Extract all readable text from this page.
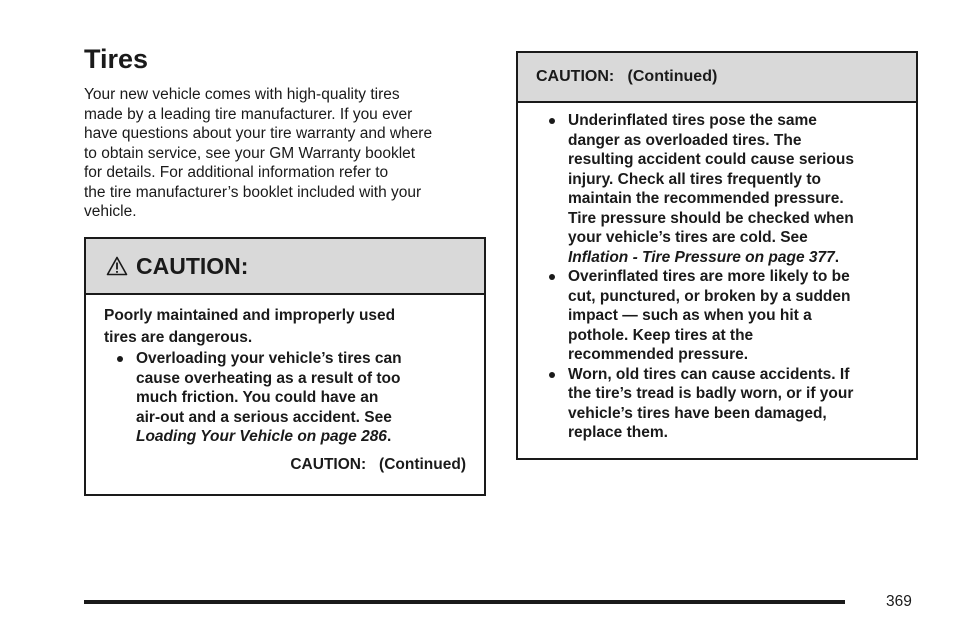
Tires
Your new vehicle comes with high-quality tires
made by a leading tire manufacturer. If you ever
have questions about your tire warranty and where
to obtain service, see your GM Warranty booklet
for details. For additional information refer to
the tire manufacturer’s booklet included with your
vehicle.
CAUTION:
Poorly maintained and improperly used
tires are dangerous.
Overloading your vehicle’s tires can
cause overheating as a result of too
much friction. You could have an
air-out and a serious accident. See
Loading Your Vehicle on page 286.
CAUTION:   (Continued)
CAUTION:   (Continued)
Underinflated tires pose the same
danger as overloaded tires. The
resulting accident could cause serious
injury. Check all tires frequently to
maintain the recommended pressure.
Tire pressure should be checked when
your vehicle’s tires are cold. See
Inflation - Tire Pressure on page 377.
Overinflated tires are more likely to be
cut, punctured, or broken by a sudden
impact — such as when you hit a
pothole. Keep tires at the
recommended pressure.
Worn, old tires can cause accidents. If
the tire’s tread is badly worn, or if your
vehicle’s tires have been damaged,
replace them.
369
